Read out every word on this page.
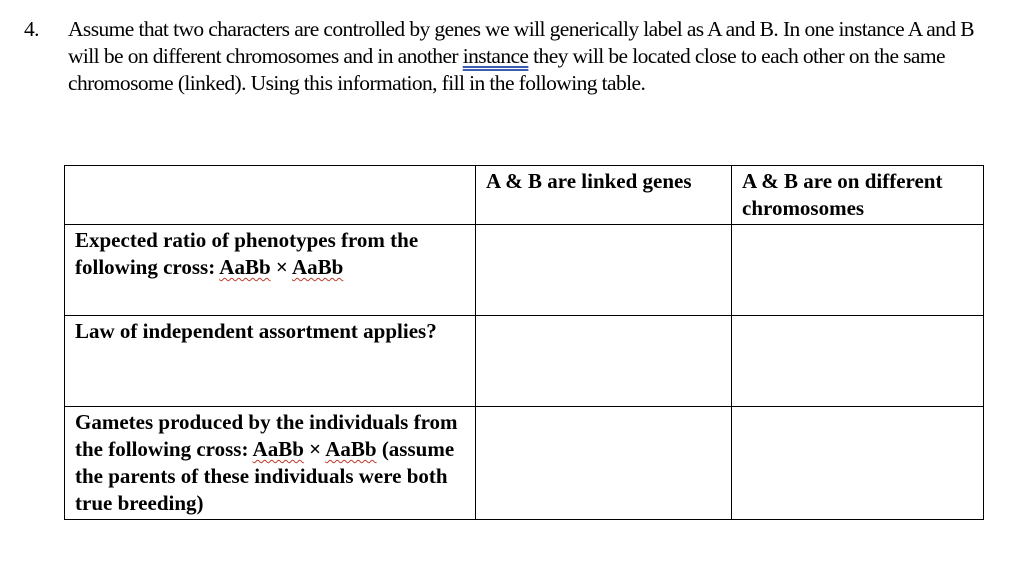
4. Assume that two characters are controlled by genes we will generically label as A and B. In one instance A and B will be on different chromosomes and in another instance they will be located close to each other on the same chromosome (linked). Using this information, fill in the following table.
	A & B are linked genes	A & B are on different chromosomes
Expected ratio of phenotypes from the following cross: AaBb × AaBb		
Law of independent assortment applies?		
Gametes produced by the individuals from the following cross: AaBb × AaBb (assume the parents of these individuals were both true breeding)		
